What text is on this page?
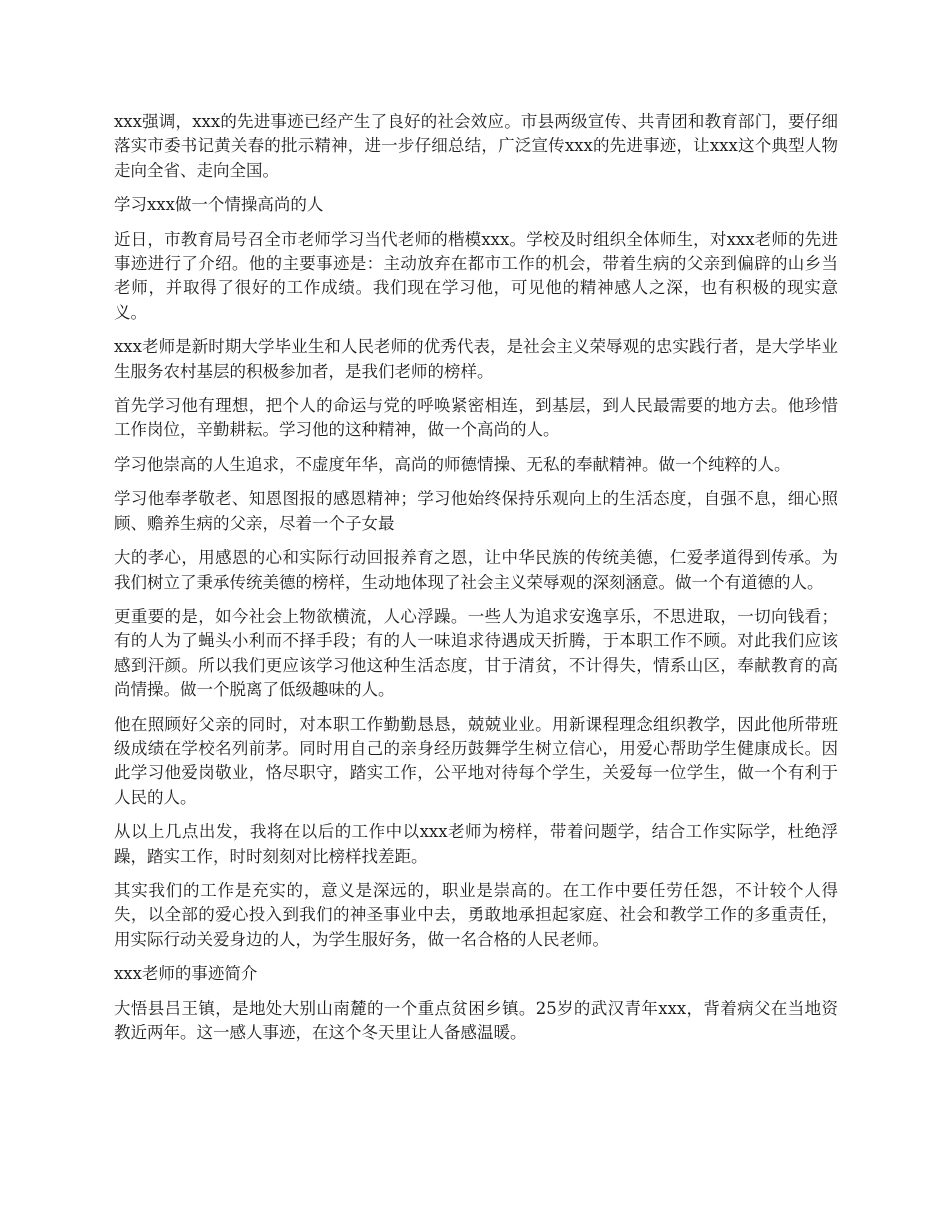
xxx强调，xxx的先进事迹已经产生了良好的社会效应。市县两级宣传、共青团和教育部门，要仔细落实市委书记黄关春的批示精神，进一步仔细总结，广泛宣传xxx的先进事迹，让xxx这个典型人物走向全省、走向全国。

学习xxx做一个情操高尚的人

近日，市教育局号召全市老师学习当代老师的楷模xxx。学校及时组织全体师生，对xxx老师的先进事迹进行了介绍。他的主要事迹是：主动放弃在都市工作的机会，带着生病的父亲到偏辟的山乡当老师，并取得了很好的工作成绩。我们现在学习他，可见他的精神感人之深，也有积极的现实意义。

xxx老师是新时期大学毕业生和人民老师的优秀代表，是社会主义荣辱观的忠实践行者，是大学毕业生服务农村基层的积极参加者，是我们老师的榜样。

首先学习他有理想，把个人的命运与党的呼唤紧密相连，到基层，到人民最需要的地方去。他珍惜工作岗位，辛勤耕耘。学习他的这种精神，做一个高尚的人。

学习他崇高的人生追求，不虚度年华，高尚的师德情操、无私的奉献精神。做一个纯粹的人。

学习他奉孝敬老、知恩图报的感恩精神；学习他始终保持乐观向上的生活态度，自强不息，细心照顾、赡养生病的父亲，尽着一个子女最

大的孝心，用感恩的心和实际行动回报养育之恩，让中华民族的传统美德，仁爱孝道得到传承。为我们树立了秉承传统美德的榜样，生动地体现了社会主义荣辱观的深刻涵意。做一个有道德的人。

更重要的是，如今社会上物欲横流，人心浮躁。一些人为追求安逸享乐，不思进取，一切向钱看；有的人为了蝇头小利而不择手段；有的人一味追求待遇成天折腾，于本职工作不顾。对此我们应该感到汗颜。所以我们更应该学习他这种生活态度，甘于清贫，不计得失，情系山区，奉献教育的高尚情操。做一个脱离了低级趣味的人。

他在照顾好父亲的同时，对本职工作勤勤恳恳，兢兢业业。用新课程理念组织教学，因此他所带班级成绩在学校名列前茅。同时用自己的亲身经历鼓舞学生树立信心，用爱心帮助学生健康成长。因此学习他爱岗敬业，恪尽职守，踏实工作，公平地对待每个学生，关爱每一位学生，做一个有利于人民的人。

从以上几点出发，我将在以后的工作中以xxx老师为榜样，带着问题学，结合工作实际学，杜绝浮躁，踏实工作，时时刻刻对比榜样找差距。

其实我们的工作是充实的，意义是深远的，职业是崇高的。在工作中要任劳任怨，不计较个人得失，以全部的爱心投入到我们的神圣事业中去，勇敢地承担起家庭、社会和教学工作的多重责任，用实际行动关爱身边的人，为学生服好务，做一名合格的人民老师。

xxx老师的事迹简介

大悟县吕王镇，是地处大别山南麓的一个重点贫困乡镇。25岁的武汉青年xxx，背着病父在当地资教近两年。这一感人事迹，在这个冬天里让人备感温暖。
